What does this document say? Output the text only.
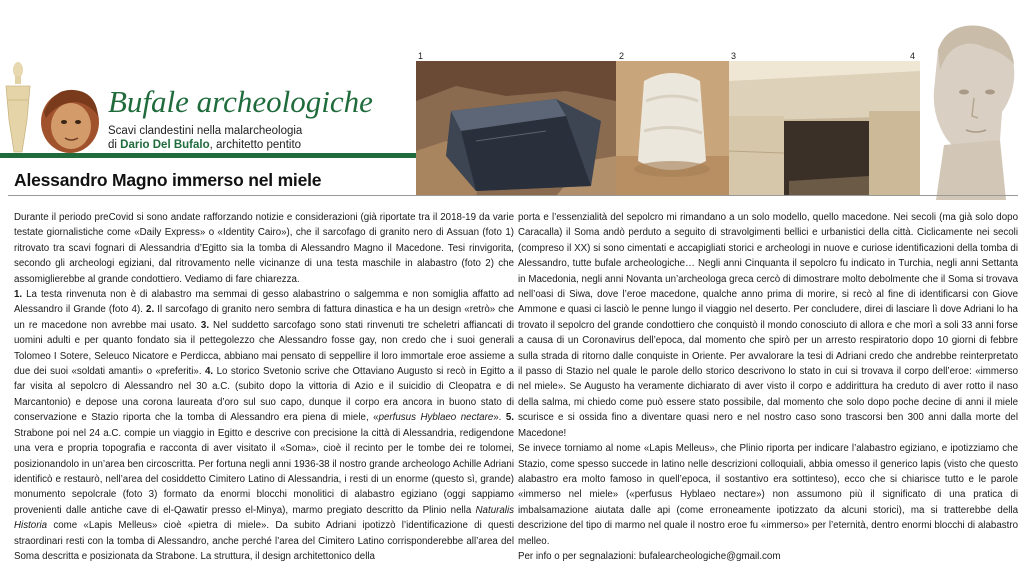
Bufale archeologiche
Scavi clandestini nella malarcheologia
di Dario Del Bufalo, architetto pentito
1	2	3	4
Alessandro Magno immerso nel miele

Durante il periodo preCovid si sono andate rafforzando notizie e considerazioni (già riportate tra il 2018-19 da varie testate giornalistiche come «Daily Express» o «Identity Cairo»), che il sarcofago di granito nero di Assuan (foto 1) ritrovato tra scavi fognari di Alessandria d’Egitto sia la tomba di Alessandro Magno il Macedone. Tesi rinvigorita, secondo gli archeologi egiziani, dal ritrovamento nelle vicinanze di una testa maschile in alabastro (foto 2) che assomiglierebbe al grande condottiero. Vediamo di fare chiarezza.

1. La testa rinvenuta non è di alabastro ma semmai di gesso alabastrino o salgemma e non somiglia affatto ad Alessandro il Grande (foto 4). 2. Il sarcofago di granito nero sembra di fattura dinastica e ha un design «retrò» che un re macedone non avrebbe mai usato. 3. Nel suddetto sarcofago sono stati rinvenuti tre scheletri affiancati di uomini adulti e per quanto fondato sia il pettegolezzo che Alessandro fosse gay, non credo che i suoi generali Tolomeo I Sotere, Seleuco Nicatore e Perdicca, abbiano mai pensato di seppellire il loro immortale eroe assieme a due dei suoi «soldati amanti» o «preferiti». 4. Lo storico Svetonio scrive che Ottaviano Augusto si recò in Egitto a far visita al sepolcro di Alessandro nel 30 a.C. (subito dopo la vittoria di Azio e il suicidio di Cleopatra e di Marcantonio) e depose una corona laureata d’oro sul suo capo, dunque il corpo era ancora in buono stato di conservazione e Stazio riporta che la tomba di Alessandro era piena di miele, «perfusus Hyblaeo nectare». 5. Strabone poi nel 24 a.C. compie un viaggio in Egitto e descrive con precisione la città di Alessandria, redigendone una vera e propria topografia e racconta di aver visitato il «Soma», cioè il recinto per le tombe dei re tolomei, posizionandolo in un’area ben circoscritta. Per fortuna negli anni 1936-38 il nostro grande archeologo Achille Adriani identificò e restaurò, nell’area del cosiddetto Cimitero Latino di Alessandria, i resti di un enorme (questo sì, grande) monumento sepolcrale (foto 3) formato da enormi blocchi monolitici di alabastro egiziano (oggi sappiamo provenienti dalle antiche cave di el-Qawatir presso el-Minya), marmo pregiato descritto da Plinio nella Naturalis Historia come «Lapis Melleus» cioè «pietra di miele». Da subito Adriani ipotizzò l’identificazione di questi straordinari resti con la tomba di Alessandro, anche perché l’area del Cimitero Latino corrisponderebbe all’area del Soma descritta e posizionata da Strabone. La struttura, il design architettonico della

porta e l’essenzialità del sepolcro mi rimandano a un solo modello, quello macedone. Nei secoli (ma già solo dopo Caracalla) il Soma andò perduto a seguito di stravolgimenti bellici e urbanistici della città. Ciclicamente nei secoli (compreso il XX) si sono cimentati e accapigliati storici e archeologi in nuove e curiose identificazioni della tomba di Alessandro, tutte bufale archeologiche… Negli anni Cinquanta il sepolcro fu indicato in Turchia, negli anni Settanta in Macedonia, negli anni Novanta un’archeologa greca cercò di dimostrare molto debolmente che il Soma si trovava nell’oasi di Siwa, dove l’eroe macedone, qualche anno prima di morire, si recò al fine di identificarsi con Giove Ammone e quasi ci lasciò le penne lungo il viaggio nel deserto. Per concludere, direi di lasciare lì dove Adriani lo ha trovato il sepolcro del grande condottiero che conquistò il mondo conosciuto di allora e che morì a soli 33 anni forse a causa di un Coronavirus dell’epoca, dal momento che spirò per un arresto respiratorio dopo 10 giorni di febbre sulla strada di ritorno dalle conquiste in Oriente. Per avvalorare la tesi di Adriani credo che andrebbe reinterpretato il passo di Stazio nel quale le parole dello storico descrivono lo stato in cui si trovava il corpo dell’eroe: «immerso nel miele». Se Augusto ha veramente dichiarato di aver visto il corpo e addirittura ha creduto di aver rotto il naso della salma, mi chiedo come può essere stato possibile, dal momento che solo dopo poche decine di anni il miele scurisce e si ossida fino a diventare quasi nero e nel nostro caso sono trascorsi ben 300 anni dalla morte del Macedone!

Se invece torniamo al nome «Lapis Melleus», che Plinio riporta per indicare l’alabastro egiziano, e ipotizziamo che Stazio, come spesso succede in latino nelle descrizioni colloquiali, abbia omesso il generico lapis (visto che questo alabastro era molto famoso in quell’epoca, il sostantivo era sottinteso), ecco che si chiarisce tutto e le parole «immerso nel miele» («perfusus Hyblaeo nectare») non assumono più il significato di una pratica di imbalsamazione aiutata dalle api (come erroneamente ipotizzato da alcuni storici), ma si tratterebbe della descrizione del tipo di marmo nel quale il nostro eroe fu «immerso» per l’eternità, dentro enormi blocchi di alabastro melleo.

Per info o per segnalazioni: bufalearcheologiche@gmail.com
